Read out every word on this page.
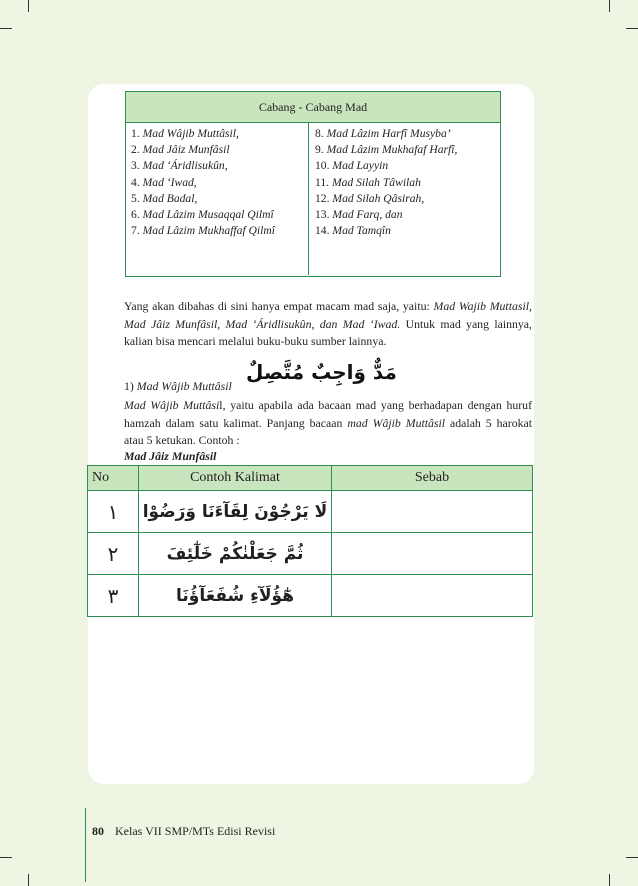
Cabang - Cabang Mad
1. Mad Wâjib Muttâsil,
2. Mad Jâiz Munfâsil
3. Mad ‘Áridlisukûn,
4. Mad ‘Iwad,
5. Mad Badal,
6. Mad Lâzim Musaqqal Qilmî
7. Mad Lâzim Mukhaffaf Qilmî
8. Mad Lâzim Harfî Musyba’
9. Mad Lâzim Mukhafaf Harfî,
10. Mad Layyin
11. Mad Silah Tâwilah
12. Mad Silah Qâsirah,
13. Mad Farq, dan
14. Mad Tamqîn
Yang akan dibahas di sini hanya empat macam mad saja, yaitu: Mad Wajib Muttasil, Mad Jâiz Munfâsil, Mad ‘Áridlisukûn, dan Mad ‘Iwad. Untuk mad yang lainnya, kalian bisa mencari melalui buku-buku sumber lainnya.
1) Mad Wâjib Muttâsil
مَدٌّ وَاجِبٌ مُتَّصِلٌ
Mad Wâjib Muttâsil, yaitu apabila ada bacaan mad yang berhadapan dengan huruf hamzah dalam satu kalimat. Panjang bacaan mad Wâjib Muttâsil adalah 5 harokat atau 5 ketukan. Contoh :
Mad Jâiz Munfâsil
No	Contoh Kalimat	Sebab
١	لَا يَرْجُوْنَ لِقَآءَنَا وَرَضُوْا	
٢	ثُمَّ جَعَلْنٰكُمْ خَلٰٓئِفَ	
٣	هٰٓؤُلَآءِ شُفَعَآؤُنَا	
80 Kelas VII SMP/MTs Edisi Revisi
